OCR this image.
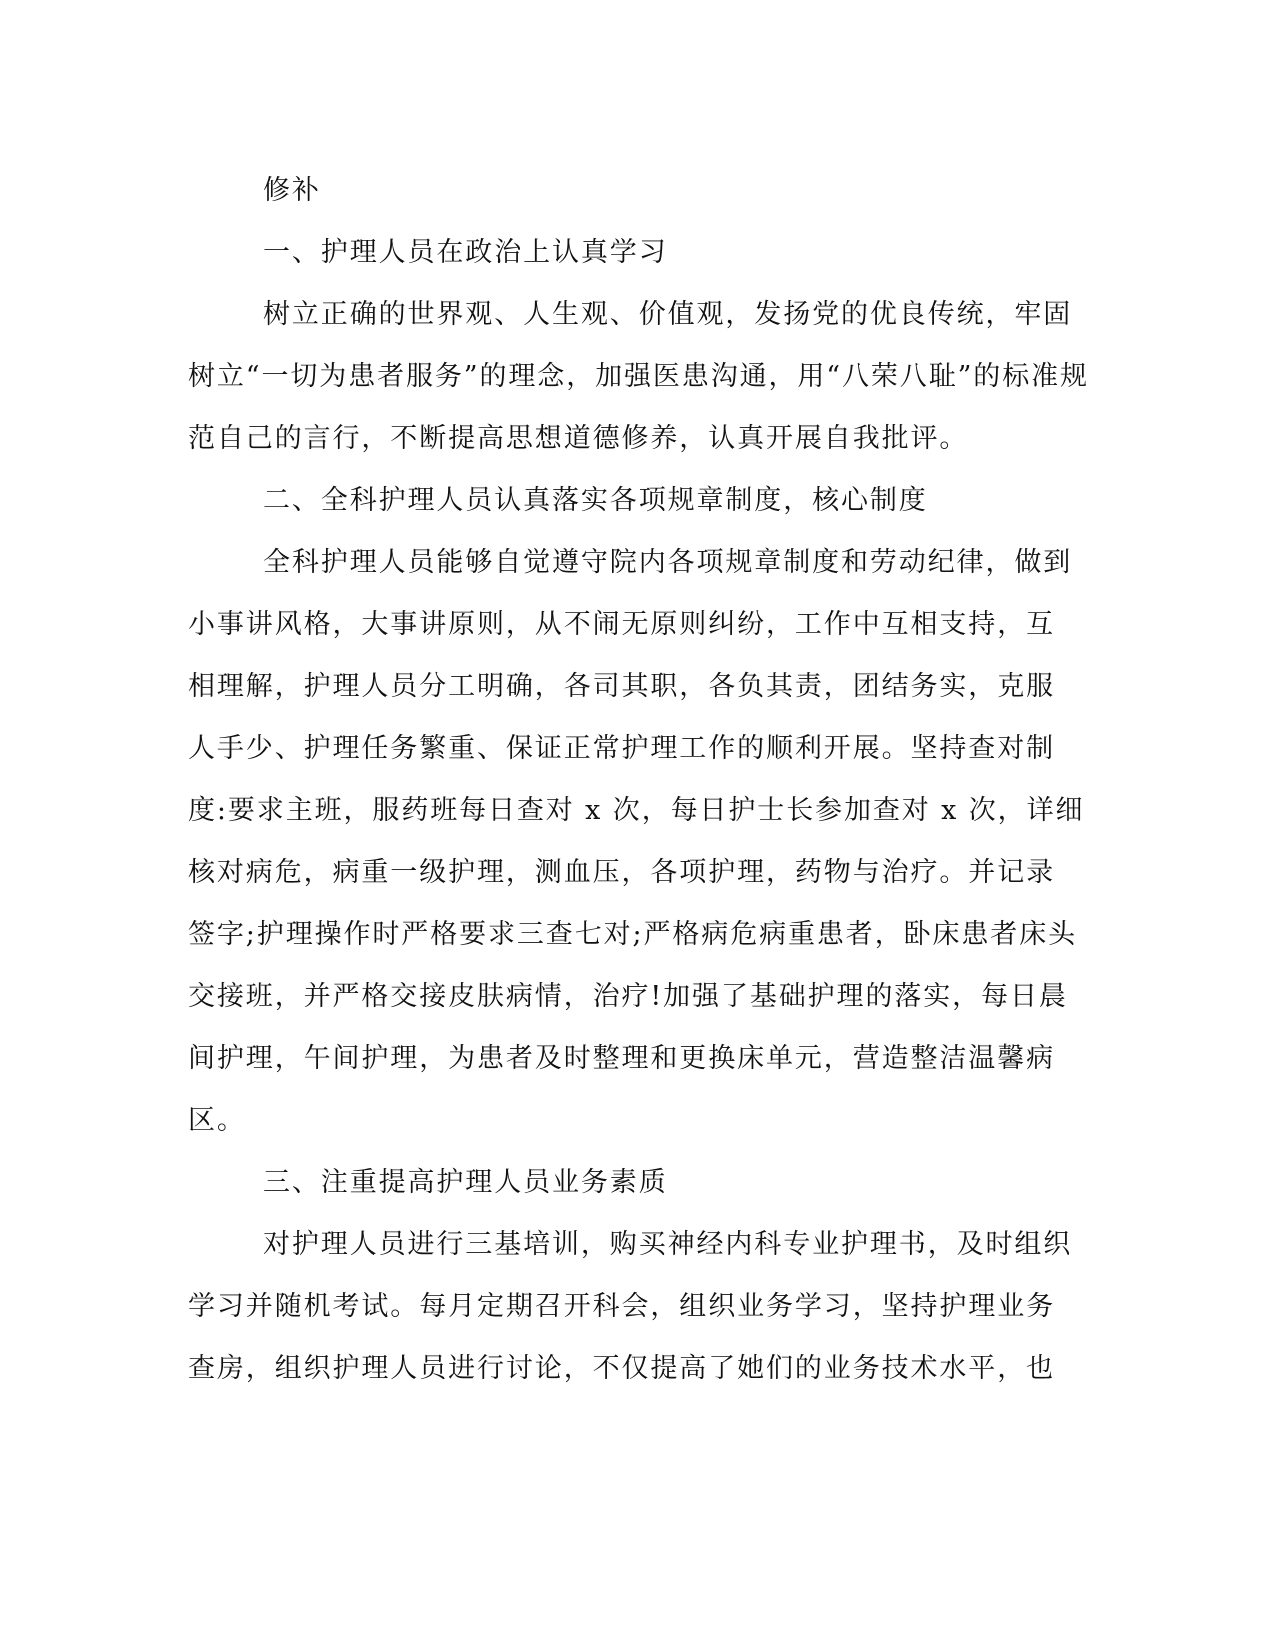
修补

一、护理人员在政治上认真学习

树立正确的世界观、人生观、价值观，发扬党的优良传统，牢固

树立“一切为患者服务”的理念，加强医患沟通，用“八荣八耻”的标准规

范自己的言行，不断提高思想道德修养，认真开展自我批评。

二、全科护理人员认真落实各项规章制度，核心制度

全科护理人员能够自觉遵守院内各项规章制度和劳动纪律，做到

小事讲风格，大事讲原则，从不闹无原则纠纷，工作中互相支持，互

相理解，护理人员分工明确，各司其职，各负其责，团结务实，克服

人手少、护理任务繁重、保证正常护理工作的顺利开展。坚持查对制

度:要求主班，服药班每日查对 x 次，每日护士长参加查对 x 次，详细

核对病危，病重一级护理，测血压，各项护理，药物与治疗。并记录

签字;护理操作时严格要求三查七对;严格病危病重患者，卧床患者床头

交接班，并严格交接皮肤病情，治疗!加强了基础护理的落实，每日晨

间护理，午间护理，为患者及时整理和更换床单元，营造整洁温馨病

区。

三、注重提高护理人员业务素质

对护理人员进行三基培训，购买神经内科专业护理书，及时组织

学习并随机考试。每月定期召开科会，组织业务学习，坚持护理业务

查房，组织护理人员进行讨论，不仅提高了她们的业务技术水平，也
